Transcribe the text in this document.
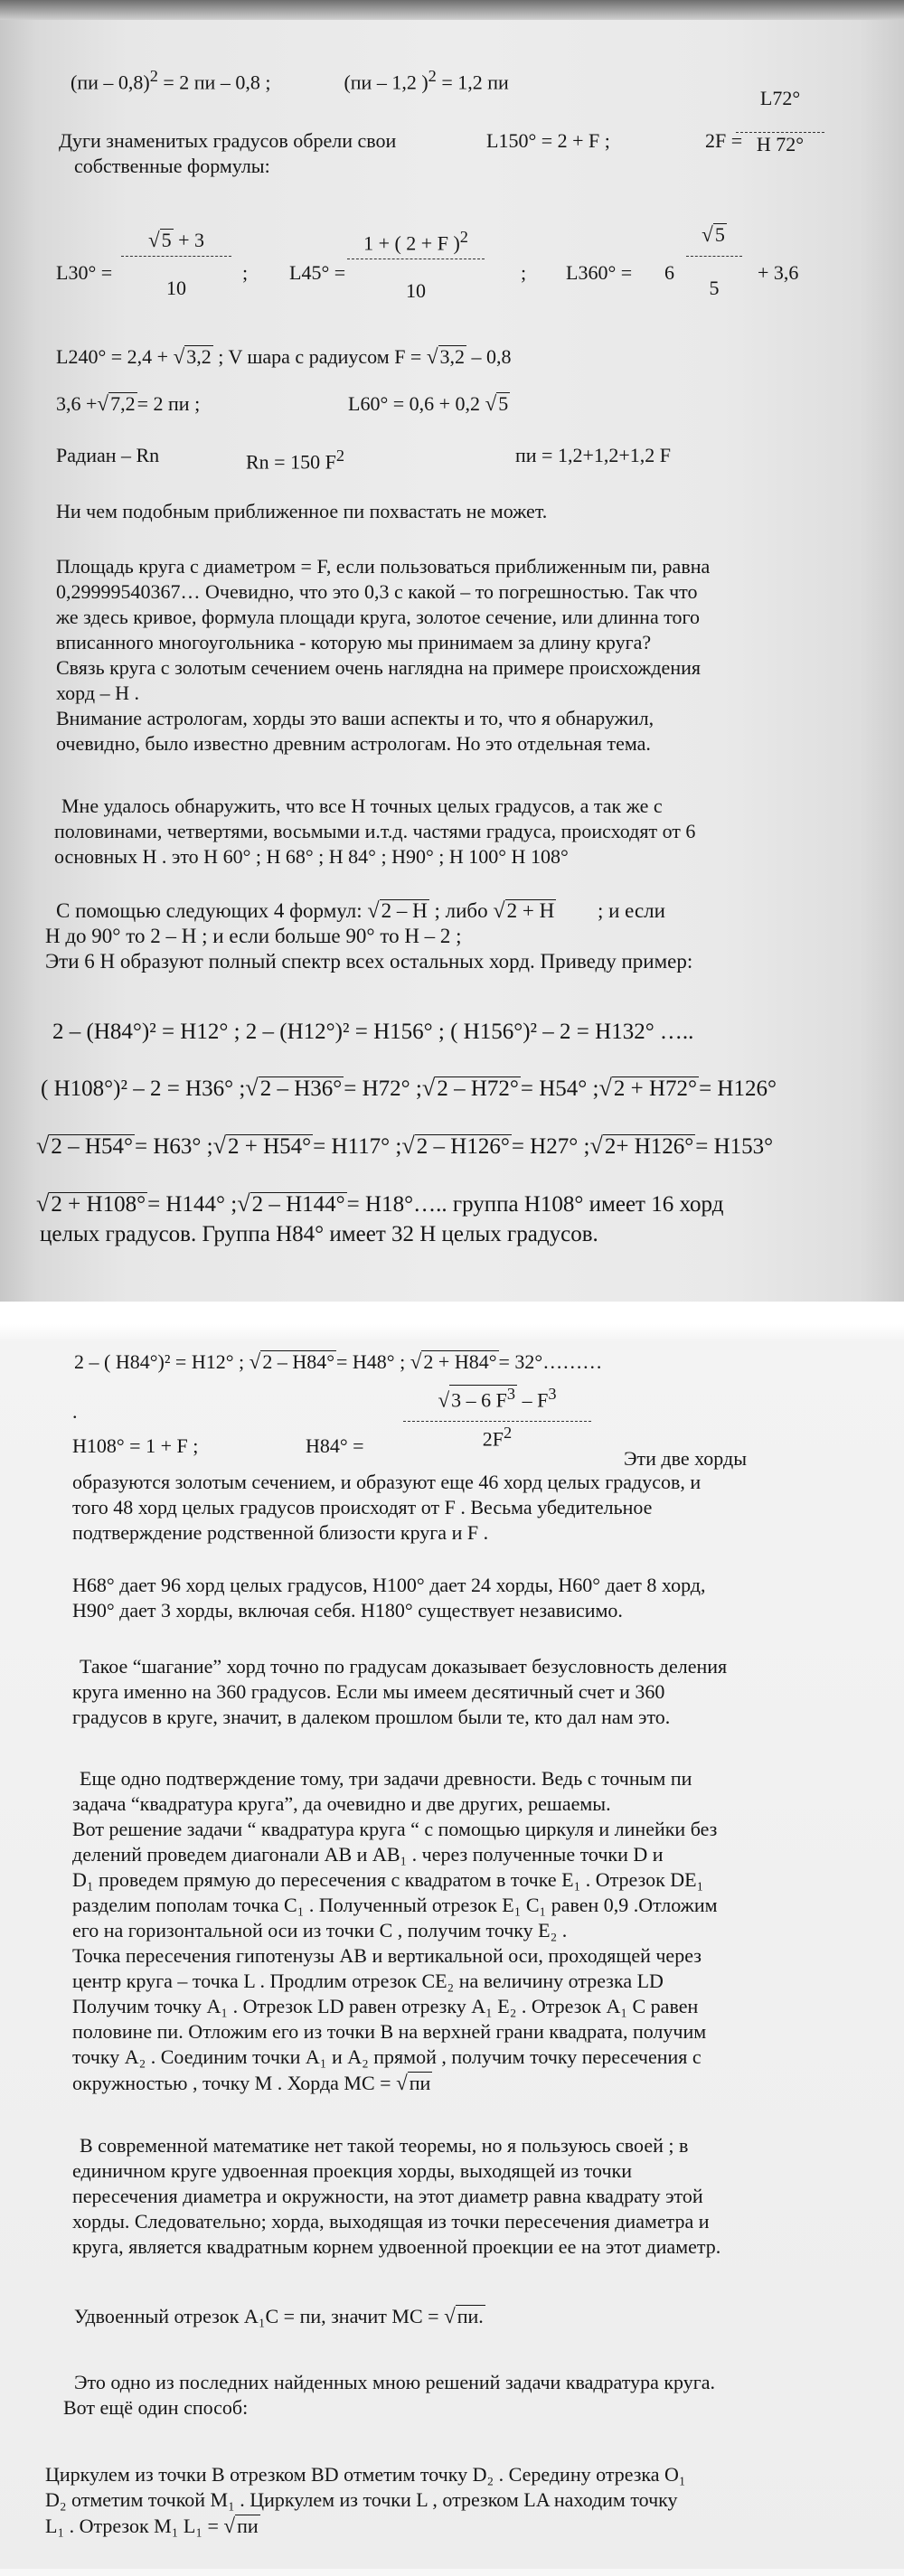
(пи – 0,8)$^2$ = 2 пи – 0,8 ;	(пи – 1,2 )$^2$ = 1,2 пи
Дуги знаменитых градусов обрели свои
собственные формулы:
L150° = 2 + F ;	2F =
L72°
H 72°
L30° =
√5 + 3
10
; L45° =
1 + ( 2 + F )$^2$
10
; L360° = 6
√5
5
+ 3,6
L240° = 2,4 + √3,2 ; V шара с радиусом F = √3,2 – 0,8
3,6 +√7,2= 2 пи ;	L60° = 0,6 + 0,2 √5
Радиан – Rn	Rn = 150 $F^2$	пи = 1,2+1,2+1,2 F
Ни чем подобным приближенное пи похвастать не может.
Площадь круга с диаметром = F, если пользоваться приближенным пи, равна
0,29999540367… Очевидно, что это 0,3 с какой – то погрешностью. Так что
же здесь кривое, формула площади круга, золотое сечение, или длинна того
вписанного многоугольника - которую мы принимаем за длину круга?
Связь круга с золотым сечением очень наглядна на примере происхождения
хорд – H .
Внимание астрологам, хорды это ваши аспекты и то, что я обнаружил,
очевидно, было известно древним астрологам. Но это отдельная тема.
Мне удалось обнаружить, что все H точных целых градусов, а так же с
половинами, четвертями, восьмыми и.т.д. частями градуса, происходят от 6
основных H . это H 60° ; H 68° ; H 84° ; H90° ; H 100° H 108°
С помощью следующих 4 формул: √2 – H ; либо √2 + H ; и если
H до 90° то 2 – H ; и если больше 90° то H – 2 ;
Эти 6 H образуют полный спектр всех остальных хорд. Приведу пример:
2 – (H84°)² = H12° ; 2 – (H12°)² = H156° ; ( H156°)² – 2 = H132° …..
( H108°)² – 2 = H36° ;√2 – H36°= H72° ;√2 – H72°= H54° ;√2 + H72°= H126°
√2 – H54°= H63° ;√2 + H54°= H117° ;√2 – H126°= H27° ;√2+ H126°= H153°
√2 + H108°= H144° ;√2 – H144°= H18°….. группа H108° имеет 16 хорд
целых градусов. Группа H84° имеет 32 H целых градусов.
2 – ( H84°)² = H12° ; √2 – H84°= H48° ; √2 + H84°= 32°………
.
H108° = 1 + F ;	H84° =
√3 – 6 $F^3 - F^3$
$2F^2$
Эти две хорды
образуются золотым сечением, и образуют еще 46 хорд целых градусов, и
того 48 хорд целых градусов происходят от F . Весьма убедительное
подтверждение родственной близости круга и F .
H68° дает 96 хорд целых градусов, H100° дает 24 хорды, H60° дает 8 хорд,
H90° дает 3 хорды, включая себя. H180° существует независимо.
Такое “шагание” хорд точно по градусам доказывает безусловность деления
круга именно на 360 градусов. Если мы имеем десятичный счет и 360
градусов в круге, значит, в далеком прошлом были те, кто дал нам это.
Еще одно подтверждение тому, три задачи древности. Ведь с точным пи
задача “квадратура круга”, да очевидно и две других, решаемы.
Вот решение задачи “ квадратура круга “ с помощью циркуля и линейки без
делений проведем диагонали AB и AB₁ . через полученные точки D и
D₁ проведем прямую до пересечения с квадратом в точке E₁ . Отрезок DE₁
разделим пополам точка C₁ . Полученный отрезок E₁ C₁ равен 0,9 .Отложим
его на горизонтальной оси из точки C , получим точку E₂ .
Точка пересечения гипотенузы AB и вертикальной оси, проходящей через
центр круга – точка L . Продлим отрезок CE₂ на величину отрезка LD
Получим точку A₁ . Отрезок LD равен отрезку A₁ E₂ . Отрезок A₁ C равен
половине пи. Отложим его из точки B на верхней грани квадрата, получим
точку A₂ . Соединим точки A₁ и A₂ прямой , получим точку пересечения с
окружностью , точку M . Хорда MC = √пи
В современной математике нет такой теоремы, но я пользуюсь своей ; в
единичном круге удвоенная проекция хорды, выходящей из точки
пересечения диаметра и окружности, на этот диаметр равна квадрату этой
хорды. Следовательно; хорда, выходящая из точки пересечения диаметра и
круга, является квадратным корнем удвоенной проекции ее на этот диаметр.
Удвоенный отрезок A₁C = пи, значит MC = √пи.
Это одно из последних найденных мною решений задачи квадратура круга.
Вот ещё один способ:
Циркулем из точки B отрезком BD отметим точку D₂ . Середину отрезка O₁
D₂ отметим точкой M₁ . Циркулем из точки L , отрезком LA находим точку
L₁ . Отрезок M₁ L₁ = √пи
